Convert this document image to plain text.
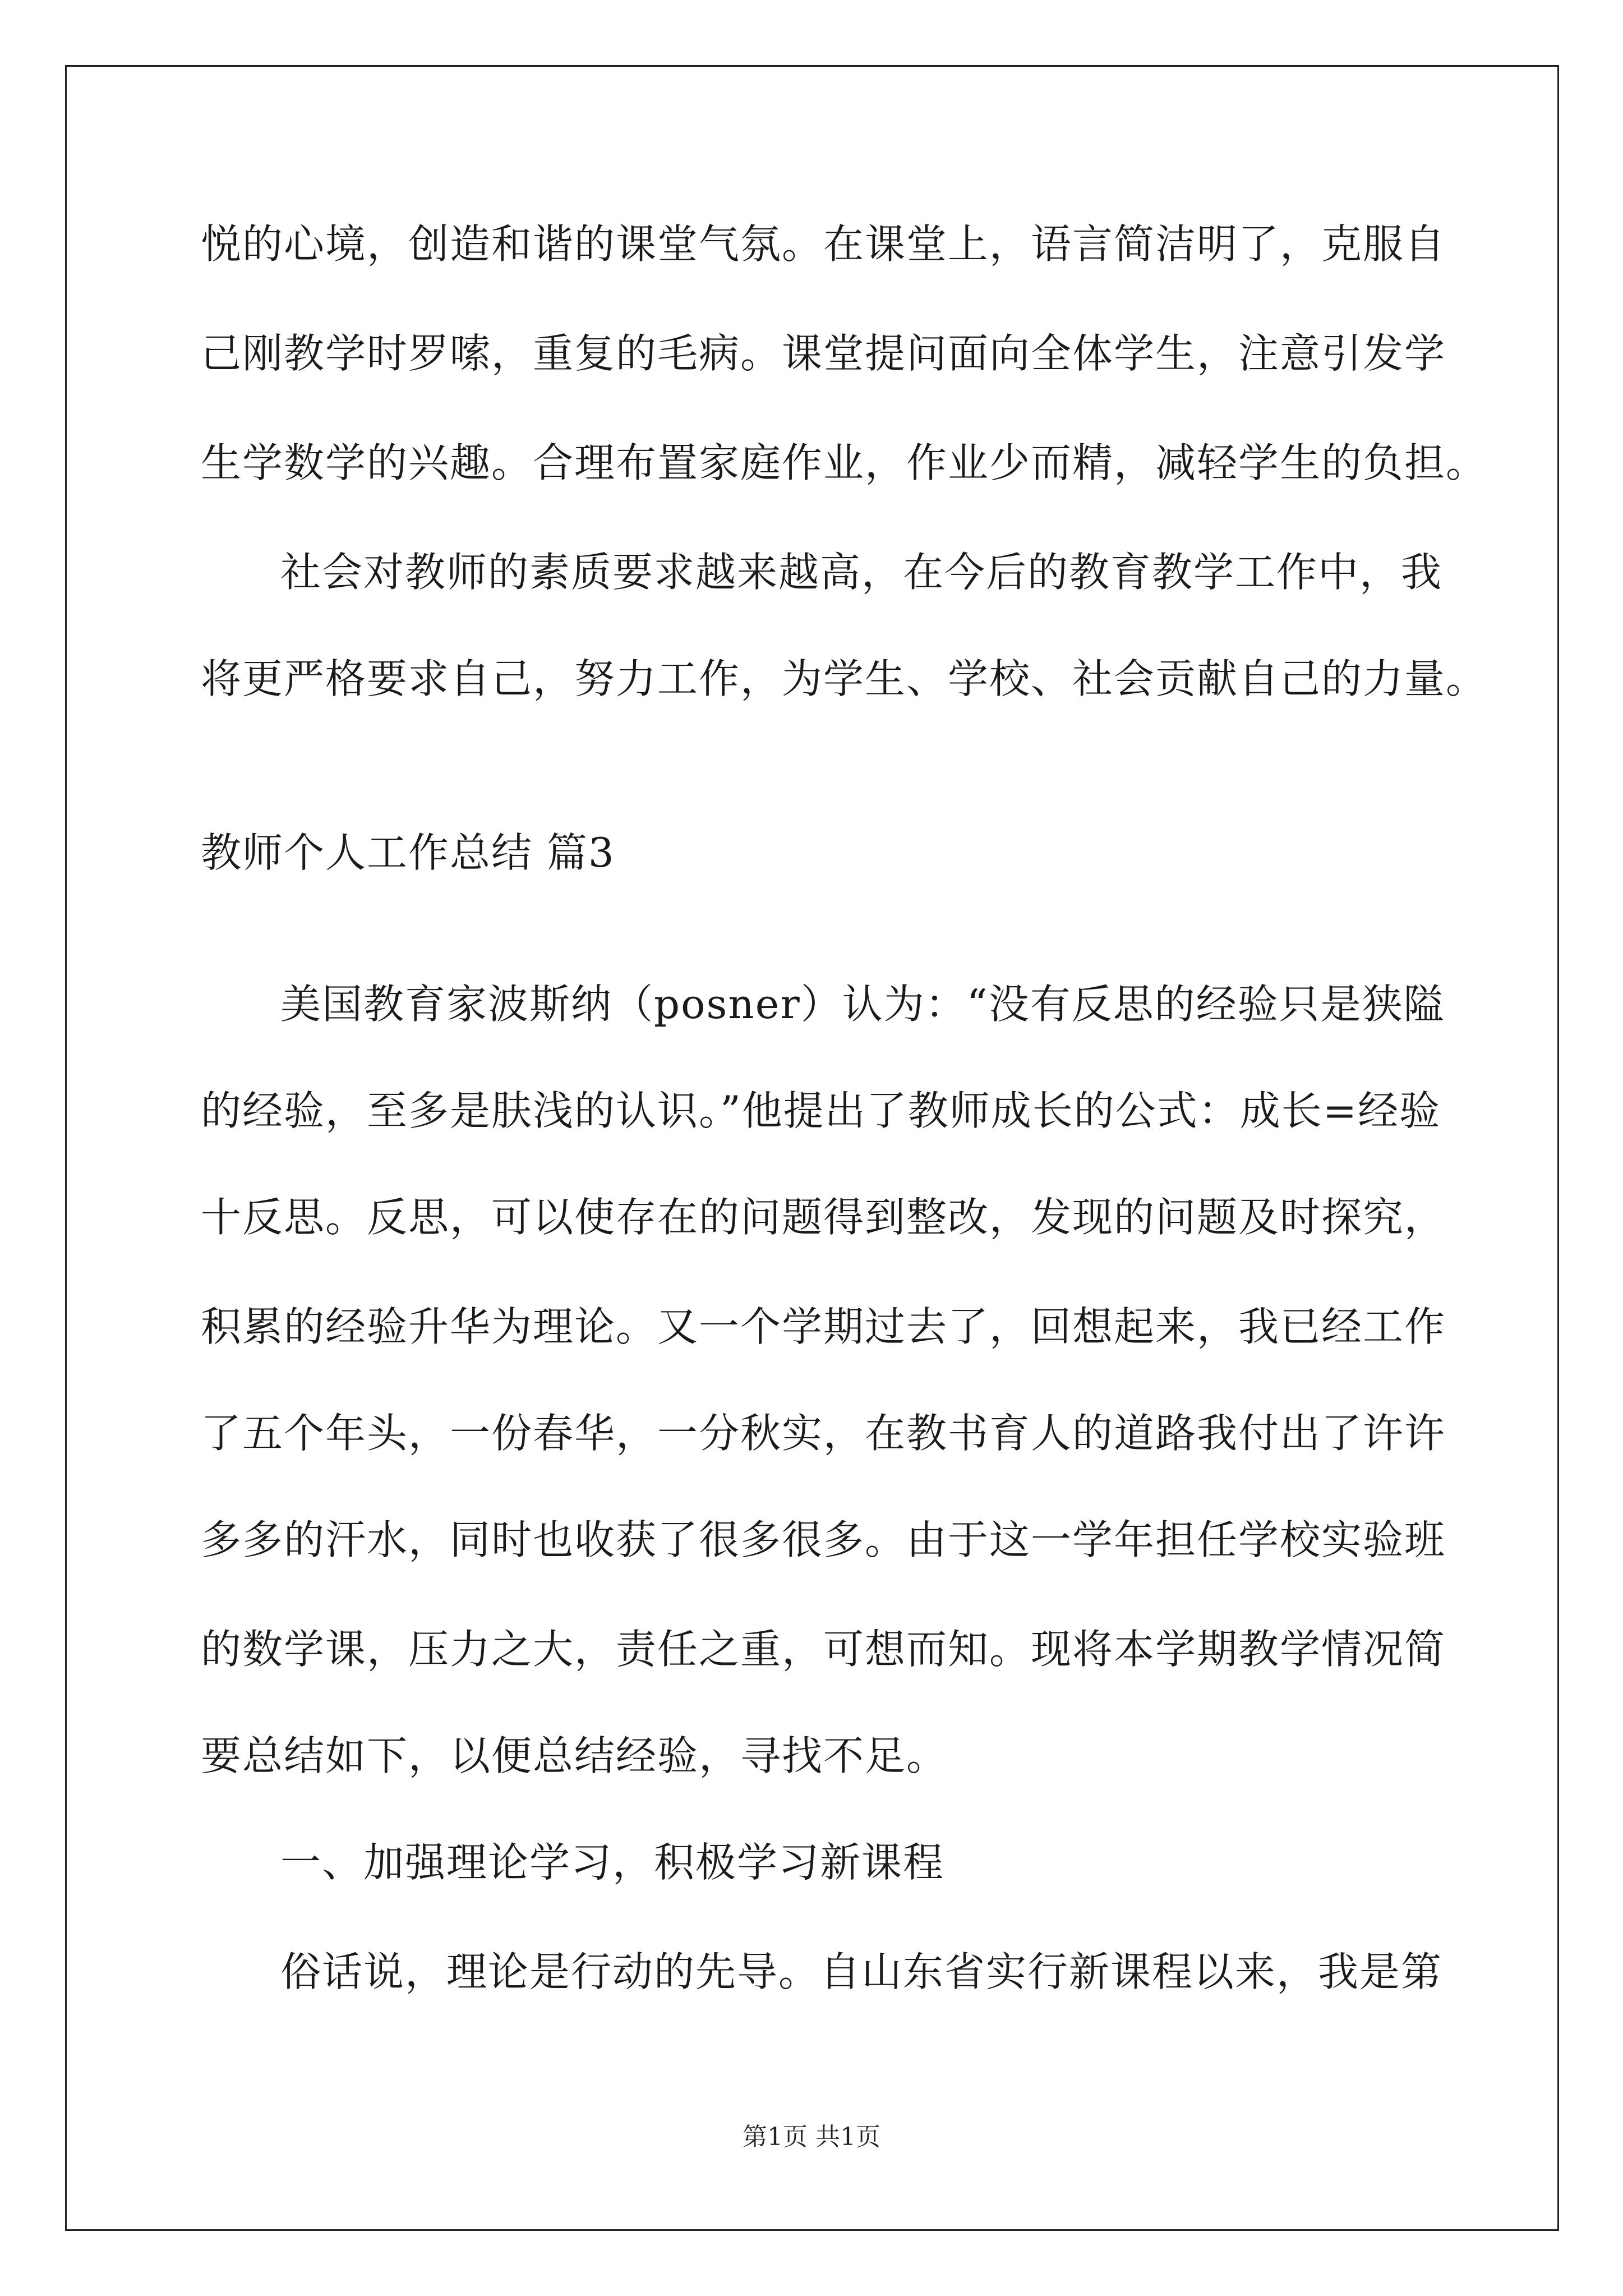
悦的心境，创造和谐的课堂气氛。在课堂上，语言简洁明了，克服自
己刚教学时罗嗦，重复的毛病。课堂提问面向全体学生，注意引发学
生学数学的兴趣。合理布置家庭作业，作业少而精，减轻学生的负担。
社会对教师的素质要求越来越高，在今后的教育教学工作中，我
将更严格要求自己，努力工作，为学生、学校、社会贡献自己的力量。
教师个人工作总结 篇3
美国教育家波斯纳（posner）认为：“没有反思的经验只是狭隘
的经验，至多是肤浅的认识。”他提出了教师成长的公式：成长=经验
十反思。反思，可以使存在的问题得到整改，发现的问题及时探究，
积累的经验升华为理论。又一个学期过去了，回想起来，我已经工作
了五个年头，一份春华，一分秋实，在教书育人的道路我付出了许许
多多的汗水，同时也收获了很多很多。由于这一学年担任学校实验班
的数学课，压力之大，责任之重，可想而知。现将本学期教学情况简
要总结如下，以便总结经验，寻找不足。
一、加强理论学习，积极学习新课程
俗话说，理论是行动的先导。自山东省实行新课程以来，我是第
第1页 共1页
